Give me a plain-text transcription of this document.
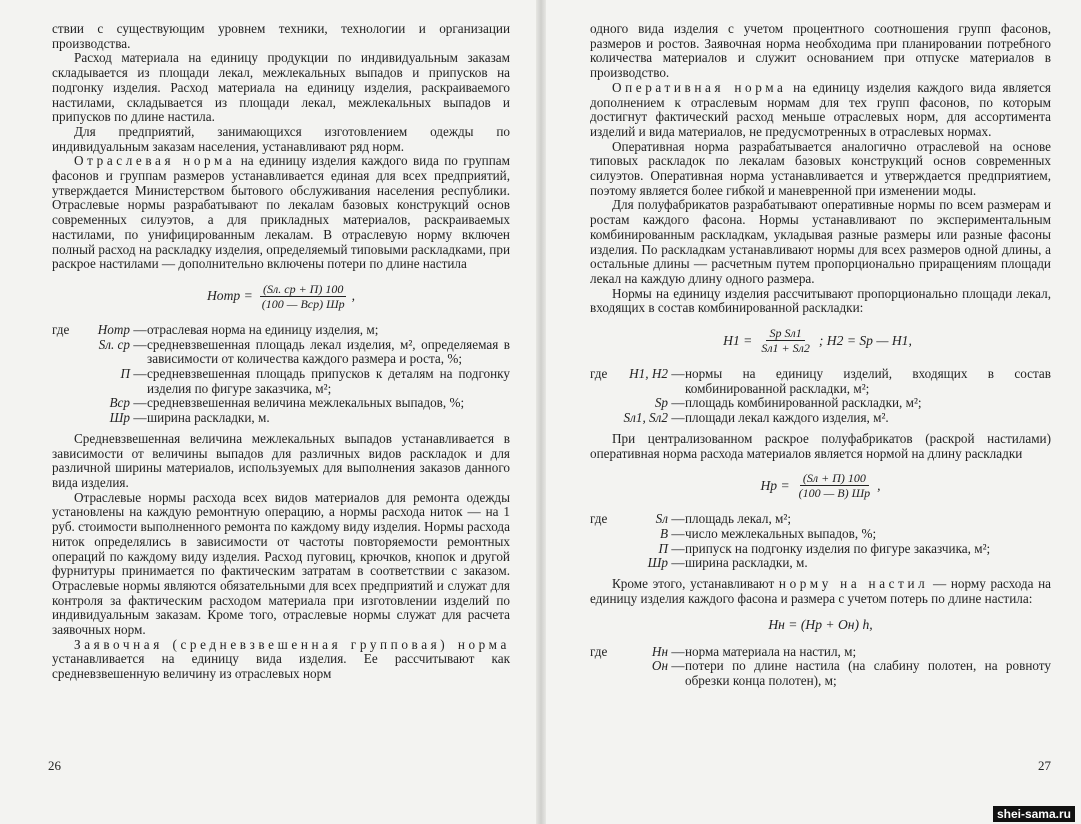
ствии с существующим уровнем техники, технологии и организации производства.

Расход материала на единицу продукции по индивидуальным заказам складывается из площади лекал, межлекальных выпадов и припусков на подгонку изделия. Расход материала на единицу изделия, раскраиваемого настилами, складывается из площади лекал, межлекальных выпадов и припусков по длине настила.

Для предприятий, занимающихся изготовлением одежды по индивидуальным заказам населения, устанавливают ряд норм.

Отраслевая норма на единицу изделия каждого вида по группам фасонов и группам размеров устанавливается единая для всех предприятий, утверждается Министерством бытового обслуживания населения республики. Отраслевые нормы разрабатывают по лекалам базовых конструкций основ современных силуэтов, а для прикладных материалов, раскраиваемых настилами, по унифицированным лекалам. В отраслевую норму включен полный расход на раскладку изделия, определяемый типовыми раскладками, при раскрое настилами — дополнительно включены потери по длине настила

Hотр = $\frac{(Sл. ср + П) 100}{\text{(100 — Bср) Шр}}$ ,
где	Hотр — отраслевая норма на единицу изделия, м;
Sл. ср — средневзвешенная площадь лекал изделия, м², определяемая в зависимости от количества каждого размера и роста, %;
П — средневзвешенная площадь припусков к деталям на подгонку изделия по фигуре заказчика, м²;
Bср — средневзвешенная величина межлекальных выпадов, %;
Шр — ширина раскладки, м.

Средневзвешенная величина межлекальных выпадов устанавливается в зависимости от величины выпадов для различных видов раскладок и для различной ширины материалов, используемых для выполнения заказов данного вида изделия.

Отраслевые нормы расхода всех видов материалов для ремонта одежды установлены на каждую ремонтную операцию, а нормы расхода ниток — на 1 руб. стоимости выполненного ремонта по каждому виду изделия. Нормы расхода ниток определялись в зависимости от частоты повторяемости ремонтных операций по каждому виду изделия. Расход пуговиц, крючков, кнопок и другой фурнитуры принимается по фактическим затратам в соответствии с заказом. Отраслевые нормы являются обязательными для всех предприятий и служат для контроля за фактическим расходом материала при изготовлении изделий по индивидуальным заказам. Кроме того, отраслевые нормы служат для расчета заявочных норм.

Заявочная (средневзвешенная групповая) норма устанавливается на единицу вида изделия. Ее рассчитывают как средневзвешенную величину из отраслевых норм

26

одного вида изделия с учетом процентного соотношения групп фасонов, размеров и ростов. Заявочная норма необходима при планировании потребного количества материалов и служит основанием при отпуске материалов в производство.

Оперативная норма на единицу изделия каждого вида является дополнением к отраслевым нормам для тех групп фасонов, по которым достигнут фактический расход меньше отраслевых норм, для ассортимента изделий и вида материалов, не предусмотренных в отраслевых нормах.

Оперативная норма разрабатывается аналогично отраслевой на основе типовых раскладок по лекалам базовых конструкций основ современных силуэтов. Оперативная норма устанавливается и утверждается предприятием, поэтому является более гибкой и маневренной при изменении моды.

Для полуфабрикатов разрабатывают оперативные нормы по всем размерам и ростам каждого фасона. Нормы устанавливают по экспериментальным комбинированным раскладкам, укладывая разные размеры или разные фасоны изделия. По раскладкам устанавливают нормы для всех размеров одной длины, а остальные длины — расчетным путем пропорционально приращениям площади лекал на каждую длину одного размера.

Нормы на единицу изделия рассчитывают пропорционально площади лекал, входящих в состав комбинированной раскладки:

$H1 = \frac{\text{Sр Sл1}}{Sл1 + Sл2}$ ; H2 = Sр — H1,
где	H1, H2 — нормы на единицу изделий, входящих в состав комбинированной раскладки, м²;
Sр — площадь комбинированной раскладки, м²;
Sл1, Sл2 — площади лекал каждого изделия, м².

При централизованном раскрое полуфабрикатов (раскрой настилами) оперативная норма расхода материалов является нормой на длину раскладки

Hр = $\frac{(Sл + П) 100}{(100 — B) Шр}$ ,
где	Sл — площадь лекал, м²;
B — число межлекальных выпадов, %;
П — припуск на подгонку изделия по фигуре заказчика, м²;
Шр — ширина раскладки, м.

Кроме этого, устанавливают норму на настил — норму расхода на единицу изделия каждого фасона и размера с учетом потерь по длине настила:

Hн = (Hр + Oн) h,
где	Hн — норма материала на настил, м;
Oн — потери по длине настила (на слабину полотен, на ровноту обрезки конца полотен), м;
27
shei-sama.ru
